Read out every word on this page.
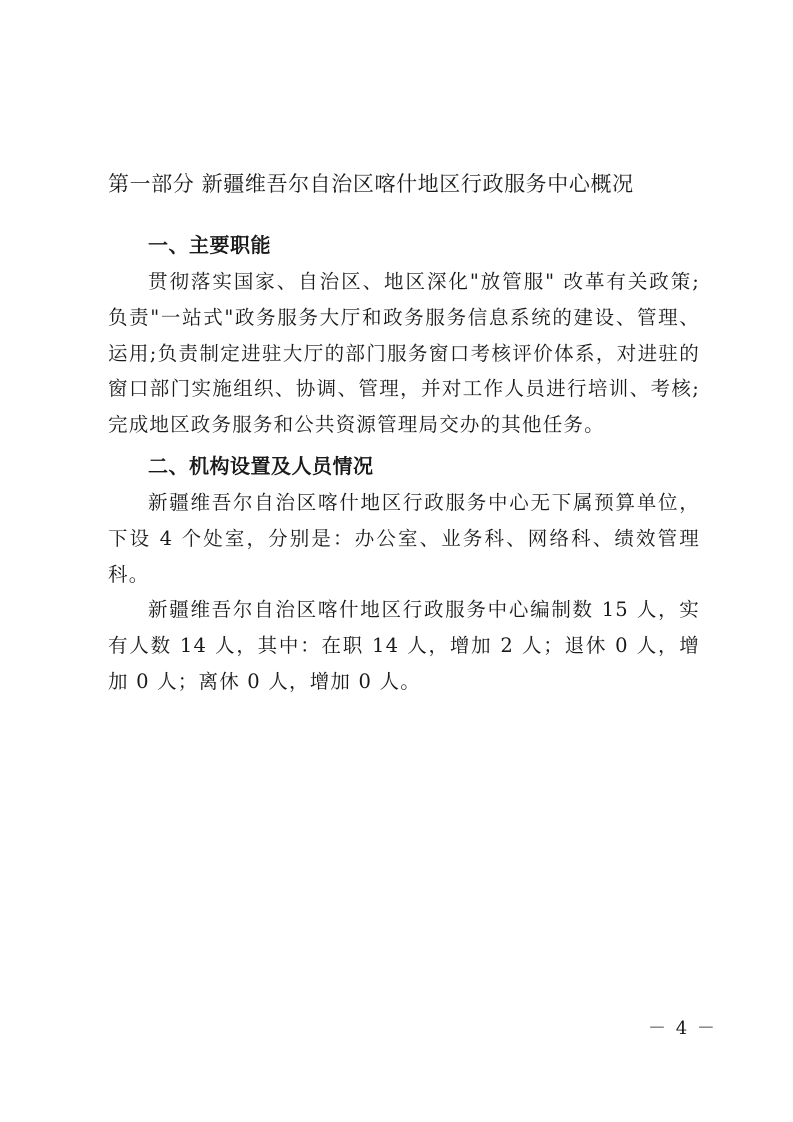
第一部分 新疆维吾尔自治区喀什地区行政服务中心概况
一、主要职能

贯彻落实国家、自治区、地区深化"放管服" 改革有关政策;负责"一站式"政务服务大厅和政务服务信息系统的建设、管理、运用;负责制定进驻大厅的部门服务窗口考核评价体系，对进驻的窗口部门实施组织、协调、管理，并对工作人员进行培训、考核;完成地区政务服务和公共资源管理局交办的其他任务。

二、机构设置及人员情况

新疆维吾尔自治区喀什地区行政服务中心无下属预算单位，下设 4 个处室，分别是：办公室、业务科、网络科、绩效管理科。

新疆维吾尔自治区喀什地区行政服务中心编制数 15 人，实有人数 14 人，其中：在职 14 人，增加 2 人；退休 0 人，增加 0 人；离休 0 人，增加 0 人。

－ 4 －
